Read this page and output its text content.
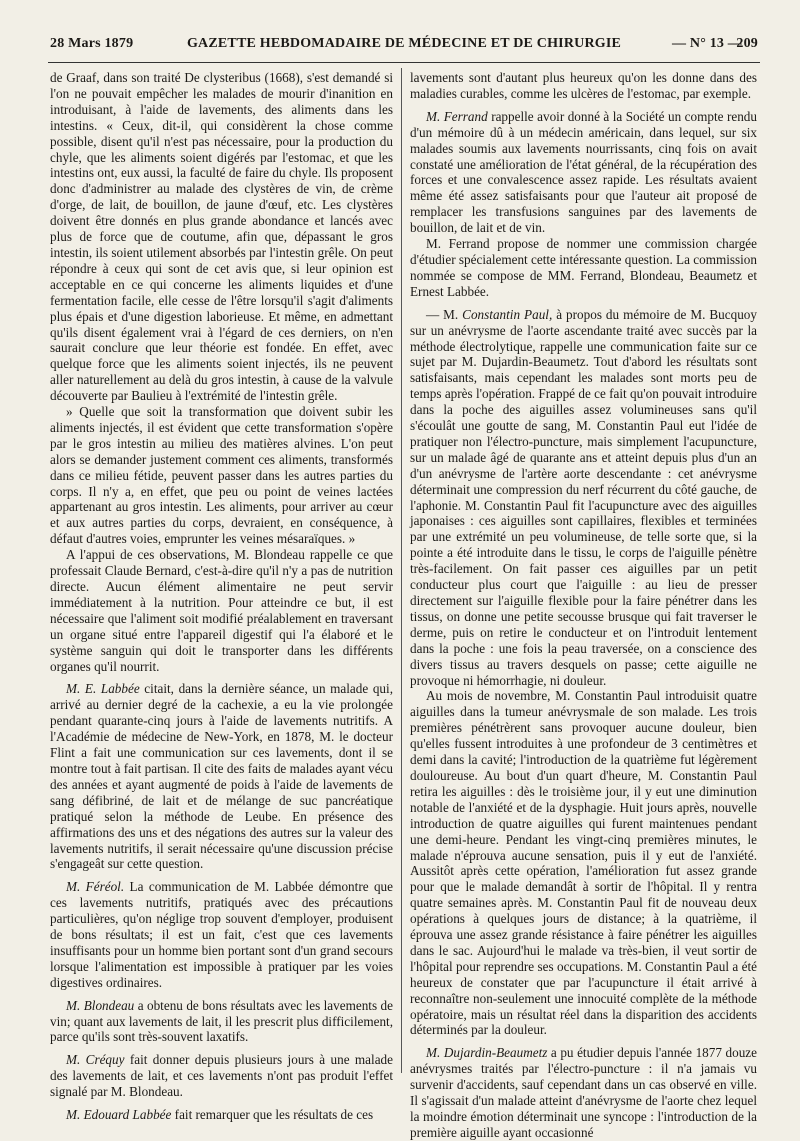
28 Mars 1879	GAZETTE HEBDOMADAIRE DE MÉDECINE ET DE CHIRURGIE	— N° 13 —
209

de Graaf, dans son traité De clysteribus (1668), s'est demandé si l'on ne pouvait empêcher les malades de mourir d'inanition en introduisant, à l'aide de lavements, des aliments dans les intestins. « Ceux, dit-il, qui considèrent la chose comme possible, disent qu'il n'est pas nécessaire, pour la production du chyle, que les aliments soient digérés par l'estomac, et que les intestins ont, eux aussi, la faculté de faire du chyle. Ils proposent donc d'administrer au malade des clystères de vin, de crème d'orge, de lait, de bouillon, de jaune d'œuf, etc. Les clystères doivent être donnés en plus grande abondance et lancés avec plus de force que de coutume, afin que, dépassant le gros intestin, ils soient utilement absorbés par l'intestin grêle. On peut répondre à ceux qui sont de cet avis que, si leur opinion est acceptable en ce qui concerne les aliments liquides et d'une fermentation facile, elle cesse de l'être lorsqu'il s'agit d'aliments plus épais et d'une digestion laborieuse. Et même, en admettant qu'ils disent également vrai à l'égard de ces derniers, on n'en saurait conclure que leur théorie est fondée. En effet, avec quelque force que les aliments soient injectés, ils ne peuvent aller naturellement au delà du gros intestin, à cause de la valvule découverte par Baulieu à l'extrémité de l'intestin grêle.

» Quelle que soit la transformation que doivent subir les aliments injectés, il est évident que cette transformation s'opère par le gros intestin au milieu des matières alvines. L'on peut alors se demander justement comment ces aliments, transformés dans ce milieu fétide, peuvent passer dans les autres parties du corps. Il n'y a, en effet, que peu ou point de veines lactées appartenant au gros intestin. Les aliments, pour arriver au cœur et aux autres parties du corps, devraient, en conséquence, à défaut d'autres voies, emprunter les veines mésaraïques. »

A l'appui de ces observations, M. Blondeau rappelle ce que professait Claude Bernard, c'est-à-dire qu'il n'y a pas de nutrition directe. Aucun élément alimentaire ne peut servir immédiatement à la nutrition. Pour atteindre ce but, il est nécessaire que l'aliment soit modifié préalablement en traversant un organe situé entre l'appareil digestif qui l'a élaboré et le système sanguin qui doit le transporter dans les différents organes qu'il nourrit.

M. E. Labbée citait, dans la dernière séance, un malade qui, arrivé au dernier degré de la cachexie, a eu la vie prolongée pendant quarante-cinq jours à l'aide de lavements nutritifs. A l'Académie de médecine de New-York, en 1878, M. le docteur Flint a fait une communication sur ces lavements, dont il se montre tout à fait partisan. Il cite des faits de malades ayant vécu des années et ayant augmenté de poids à l'aide de lavements de sang défibriné, de lait et de mélange de suc pancréatique pratiqué selon la méthode de Leube. En présence des affirmations des uns et des négations des autres sur la valeur des lavements nutritifs, il serait nécessaire qu'une discussion précise s'engageât sur cette question.

M. Féréol. La communication de M. Labbée démontre que ces lavements nutritifs, pratiqués avec des précautions particulières, qu'on néglige trop souvent d'employer, produisent de bons résultats; il est un fait, c'est que ces lavements insuffisants pour un homme bien portant sont d'un grand secours lorsque l'alimentation est impossible à pratiquer par les voies digestives ordinaires.

M. Blondeau a obtenu de bons résultats avec les lavements de vin; quant aux lavements de lait, il les prescrit plus difficilement, parce qu'ils sont très-souvent laxatifs.

M. Créquy fait donner depuis plusieurs jours à une malade des lavements de lait, et ces lavements n'ont pas produit l'effet signalé par M. Blondeau.

M. Edouard Labbée fait remarquer que les résultats de ces

lavements sont d'autant plus heureux qu'on les donne dans des maladies curables, comme les ulcères de l'estomac, par exemple.

M. Ferrand rappelle avoir donné à la Société un compte rendu d'un mémoire dû à un médecin américain, dans lequel, sur six malades soumis aux lavements nourrissants, cinq fois on avait constaté une amélioration de l'état général, de la récupération des forces et une convalescence assez rapide. Les résultats avaient même été assez satisfaisants pour que l'auteur ait proposé de remplacer les transfusions sanguines par des lavements de bouillon, de lait et de vin.

M. Ferrand propose de nommer une commission chargée d'étudier spécialement cette intéressante question. La commission nommée se compose de MM. Ferrand, Blondeau, Beaumetz et Ernest Labbée.

— M. Constantin Paul, à propos du mémoire de M. Bucquoy sur un anévrysme de l'aorte ascendante traité avec succès par la méthode électrolytique, rappelle une communication faite sur ce sujet par M. Dujardin-Beaumetz. Tout d'abord les résultats sont satisfaisants, mais cependant les malades sont morts peu de temps après l'opération. Frappé de ce fait qu'on pouvait introduire dans la poche des aiguilles assez volumineuses sans qu'il s'écoulât une goutte de sang, M. Constantin Paul eut l'idée de pratiquer non l'électro-puncture, mais simplement l'acupuncture, sur un malade âgé de quarante ans et atteint depuis plus d'un an d'un anévrysme de l'artère aorte descendante : cet anévrysme déterminait une compression du nerf récurrent du côté gauche, de l'aphonie. M. Constantin Paul fit l'acupuncture avec des aiguilles japonaises : ces aiguilles sont capillaires, flexibles et terminées par une extrémité un peu volumineuse, de telle sorte que, si la pointe a été introduite dans le tissu, le corps de l'aiguille pénètre très-facilement. On fait passer ces aiguilles par un petit conducteur plus court que l'aiguille : au lieu de presser directement sur l'aiguille flexible pour la faire pénétrer dans les tissus, on donne une petite secousse brusque qui fait traverser le derme, puis on retire le conducteur et on l'introduit lentement dans la poche : une fois la peau traversée, on a conscience des divers tissus au travers desquels on passe; cette aiguille ne provoque ni hémorrhagie, ni douleur.

Au mois de novembre, M. Constantin Paul introduisit quatre aiguilles dans la tumeur anévrysmale de son malade. Les trois premières pénétrèrent sans provoquer aucune douleur, bien qu'elles fussent introduites à une profondeur de 3 centimètres et demi dans la cavité; l'introduction de la quatrième fut légèrement douloureuse. Au bout d'un quart d'heure, M. Constantin Paul retira les aiguilles : dès le troisième jour, il y eut une diminution notable de l'anxiété et de la dysphagie. Huit jours après, nouvelle introduction de quatre aiguilles qui furent maintenues pendant une demi-heure. Pendant les vingt-cinq premières minutes, le malade n'éprouva aucune sensation, puis il y eut de l'anxiété. Aussitôt après cette opération, l'amélioration fut assez grande pour que le malade demandât à sortir de l'hôpital. Il y rentra quatre semaines après. M. Constantin Paul fit de nouveau deux opérations à quelques jours de distance; à la quatrième, il éprouva une assez grande résistance à faire pénétrer les aiguilles dans le sac. Aujourd'hui le malade va très-bien, il veut sortir de l'hôpital pour reprendre ses occupations. M. Constantin Paul a été heureux de constater que par l'acupuncture il était arrivé à reconnaître non-seulement une innocuité complète de la méthode opératoire, mais un résultat réel dans la disparition des accidents déterminés par la douleur.

M. Dujardin-Beaumetz a pu étudier depuis l'année 1877 douze anévrysmes traités par l'électro-puncture : il n'a jamais vu survenir d'accidents, sauf cependant dans un cas observé en ville. Il s'agissait d'un malade atteint d'anévrysme de l'aorte chez lequel la moindre émotion déterminait une syncope : l'introduction de la première aiguille ayant occasionné
